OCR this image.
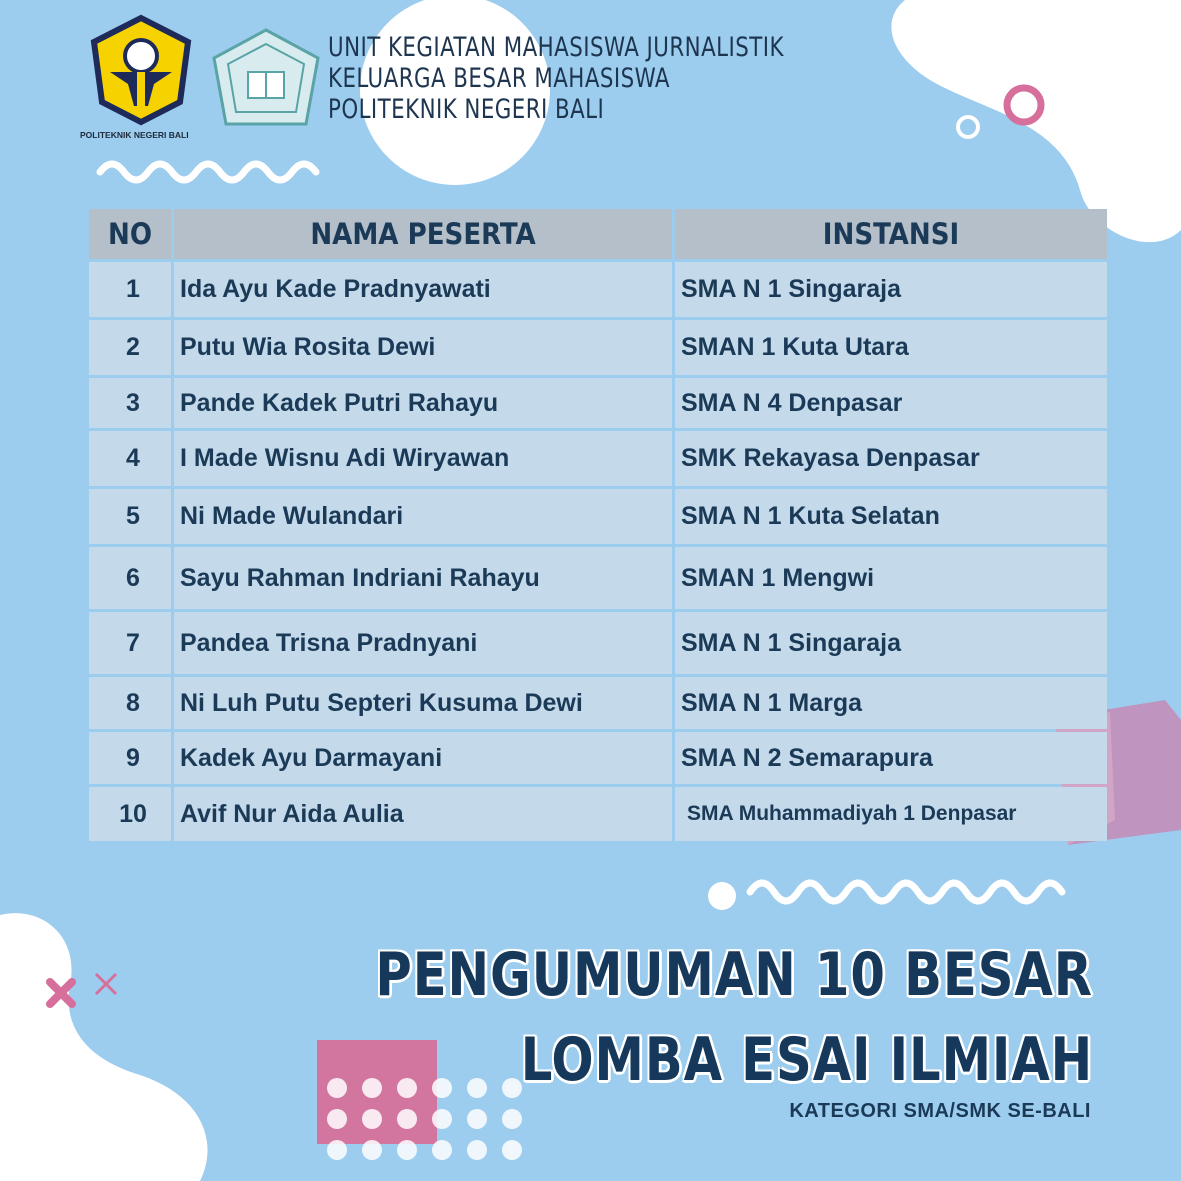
POLITEKNIK NEGERI BALI
UNIT KEGIATAN MAHASISWA JURNALISTIK
KELUARGA BESAR MAHASISWA
POLITEKNIK NEGERI BALI
NO	NAMA PESERTA	INSTANSI
1	Ida Ayu Kade Pradnyawati	SMA N 1 Singaraja
2	Putu Wia Rosita Dewi	SMAN 1 Kuta Utara
3	Pande Kadek Putri Rahayu	SMA N 4 Denpasar
4	I Made Wisnu Adi Wiryawan	SMK Rekayasa Denpasar
5	Ni Made Wulandari	SMA N 1 Kuta Selatan
6	Sayu Rahman Indriani Rahayu	SMAN 1 Mengwi
7	Pandea Trisna Pradnyani	SMA N 1 Singaraja
8	Ni Luh Putu Septeri Kusuma Dewi	SMA N 1 Marga
9	Kadek Ayu Darmayani	SMA N 2 Semarapura
10	Avif Nur Aida Aulia	SMA Muhammadiyah 1 Denpasar
PENGUMUMAN 10 BESAR
LOMBA ESAI ILMIAH
KATEGORI SMA/SMK SE-BALI
